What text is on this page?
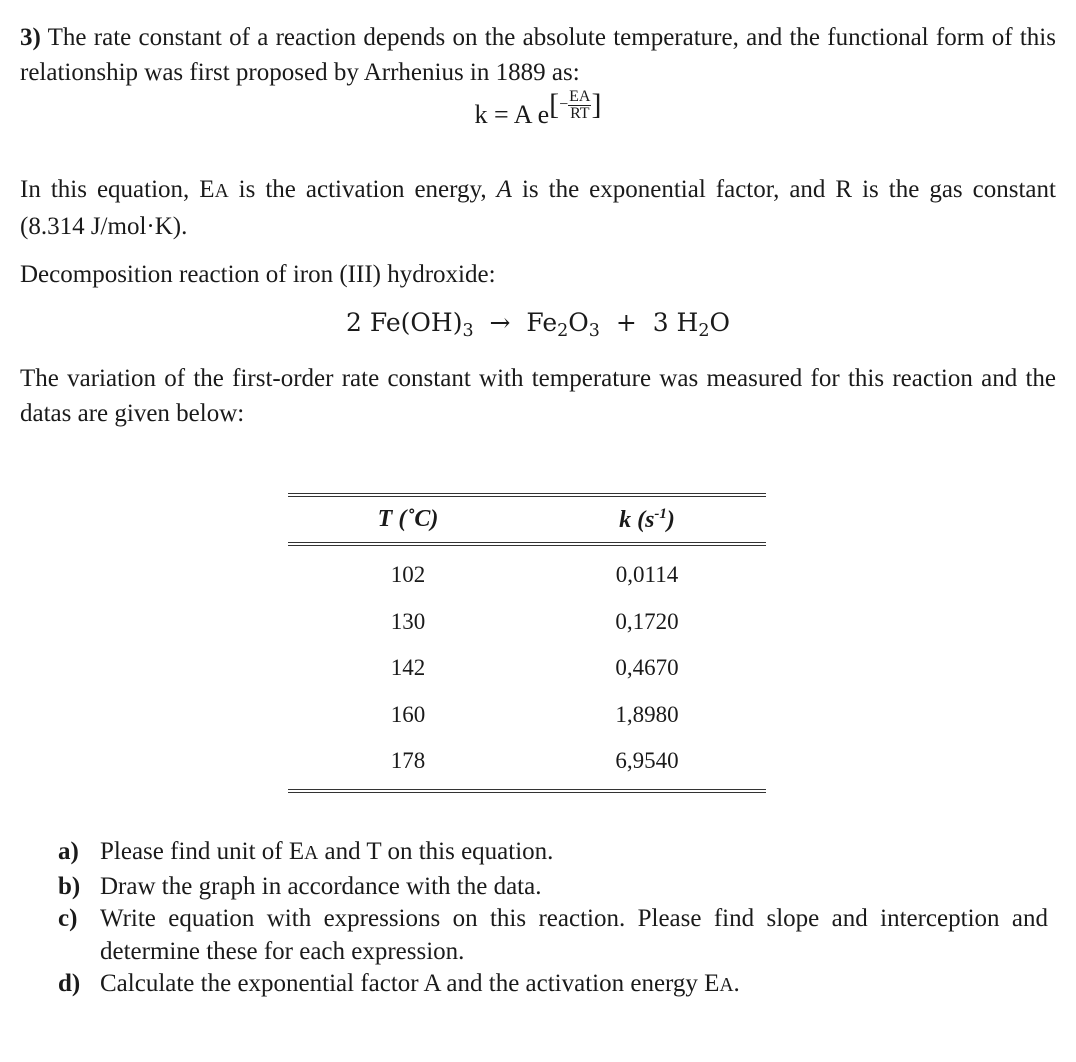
3) The rate constant of a reaction depends on the absolute temperature, and the functional form of this relationship was first proposed by Arrhenius in 1889 as:
k = A $e[- \frac{EA}{RT}$ ]
In this equation, EA is the activation energy, A is the exponential factor, and R is the gas constant (8.314 J/mol·K).
Decomposition reaction of iron (III) hydroxide:
2 $Fe(OH)_3 \to Fe_2O_3 + 3$ $H_2O$
The variation of the first-order rate constant with temperature was measured for this reaction and the datas are given below:
T (˚C)	k $(s^{-1})$
102	0,0114
130	0,1720
142	0,4670
160	1,8980
178	6,9540
a) Please find unit of EA and T on this equation.
b) Draw the graph in accordance with the data.
c) Write equation with expressions on this reaction. Please find slope and interception and determine these for each expression.
d) Calculate the exponential factor A and the activation energy EA.
